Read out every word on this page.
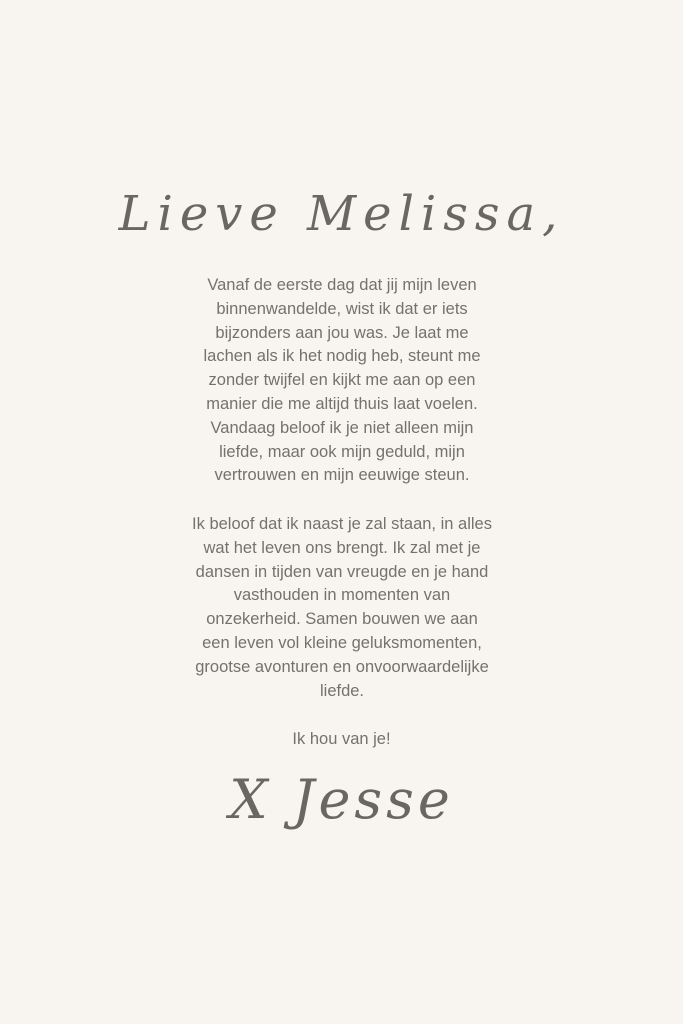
Lieve Melissa,

Vanaf de eerste dag dat jij mijn leven binnenwandelde, wist ik dat er iets bijzonders aan jou was. Je laat me lachen als ik het nodig heb, steunt me zonder twijfel en kijkt me aan op een manier die me altijd thuis laat voelen. Vandaag beloof ik je niet alleen mijn liefde, maar ook mijn geduld, mijn vertrouwen en mijn eeuwige steun.

Ik beloof dat ik naast je zal staan, in alles wat het leven ons brengt. Ik zal met je dansen in tijden van vreugde en je hand vasthouden in momenten van onzekerheid. Samen bouwen we aan een leven vol kleine geluksmomenten, grootse avonturen en onvoorwaardelijke liefde.

Ik hou van je!
X Jesse
